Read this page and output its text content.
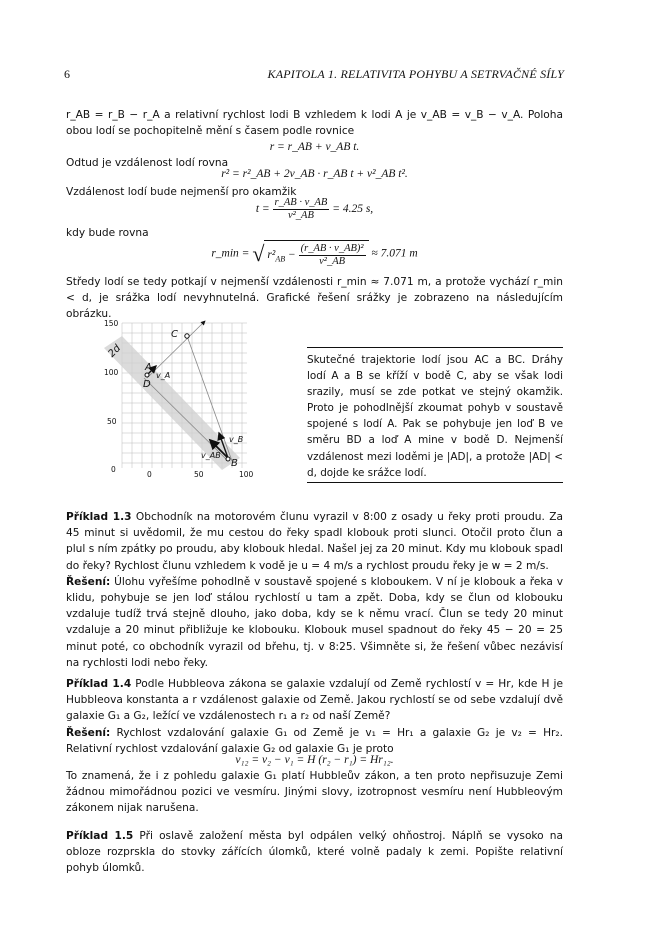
6	KAPITOLA 1. RELATIVITA POHYBU A SETRVAČNÉ SÍLY
r_AB = r_B − r_A a relativní rychlost lodi B vzhledem k lodi A je v_AB = v_B − v_A. Poloha obou lodí se pochopitelně mění s časem podle rovnice
r = r_AB + v_AB t.
Odtud je vzdálenost lodí rovna
r² = r²_AB + 2v_AB · r_AB t + v²_AB t².
Vzdálenost lodí bude nejmenší pro okamžik
$t = \frac{r\_AB \cdot v\_AB}{\text{v²\_AB}} = 4.25$ s,
kdy bude rovna
r_min = √ $r^2_{AB} - \frac{\text{(r\_AB · v\_AB)²}}{\text{v²\_AB}} \approx 7.071$ m
Středy lodí se tedy potkají v nejmenší vzdálenosti r_min ≈ 7.071 m, a protože vychází r_min < d, je srážka lodí nevyhnutelná. Grafické řešení srážky je zobrazeno na následujícím obrázku.
150
100
50
0
0	50	100
C
A
D
B
v_A
v_B
v_AB
2d
Skutečné trajektorie lodí jsou AC a BC. Dráhy lodí A a B se kříží v bodě C, aby se však lodi srazily, musí se zde potkat ve stejný okamžik. Proto je pohodlnější zkoumat pohyb v soustavě spojené s lodí A. Pak se pohybuje jen loď B ve směru BD a loď A mine v bodě D. Nejmenší vzdálenost mezi loděmi je |AD|, a protože |AD| < d, dojde ke srážce lodí.
Příklad 1.3 Obchodník na motorovém člunu vyrazil v 8:00 z osady u řeky proti proudu. Za 45 minut si uvědomil, že mu cestou do řeky spadl klobouk proti slunci. Otočil proto člun a plul s ním zpátky po proudu, aby klobouk hledal. Našel jej za 20 minut. Kdy mu klobouk spadl do řeky? Rychlost člunu vzhledem k vodě je u = 4 m/s a rychlost proudu řeky je w = 2 m/s.
Řešení: Úlohu vyřešíme pohodlně v soustavě spojené s kloboukem. V ní je klobouk a řeka v klidu, pohybuje se jen loď stálou rychlostí u tam a zpět. Doba, kdy se člun od klobouku vzdaluje tudíž trvá stejně dlouho, jako doba, kdy se k němu vrací. Člun se tedy 20 minut vzdaluje a 20 minut přibližuje ke klobouku. Klobouk musel spadnout do řeky 45 − 20 = 25 minut poté, co obchodník vyrazil od břehu, tj. v 8:25. Všimněte si, že řešení vůbec nezávisí na rychlosti lodi nebo řeky.
Příklad 1.4 Podle Hubbleova zákona se galaxie vzdalují od Země rychlostí v = Hr, kde H je Hubbleova konstanta a r vzdálenost galaxie od Země. Jakou rychlostí se od sebe vzdalují dvě galaxie G₁ a G₂, ležící ve vzdálenostech r₁ a r₂ od naší Země?
Řešení: Rychlost vzdalování galaxie G₁ od Země je v₁ = Hr₁ a galaxie G₂ je v₂ = Hr₂. Relativní rychlost vzdalování galaxie G₂ od galaxie G₁ je proto
v₁₂ = v₂ − v₁ = H (r₂ − r₁) = Hr₁₂.
To znamená, že i z pohledu galaxie G₁ platí Hubbleův zákon, a ten proto nepřisuzuje Zemi žádnou mimořádnou pozici ve vesmíru. Jinými slovy, izotropnost vesmíru není Hubbleovým zákonem nijak narušena.
Příklad 1.5 Při oslavě založení města byl odpálen velký ohňostroj. Náplň se vysoko na obloze rozprskla do stovky zářících úlomků, které volně padaly k zemi. Popište relativní pohyb úlomků.
